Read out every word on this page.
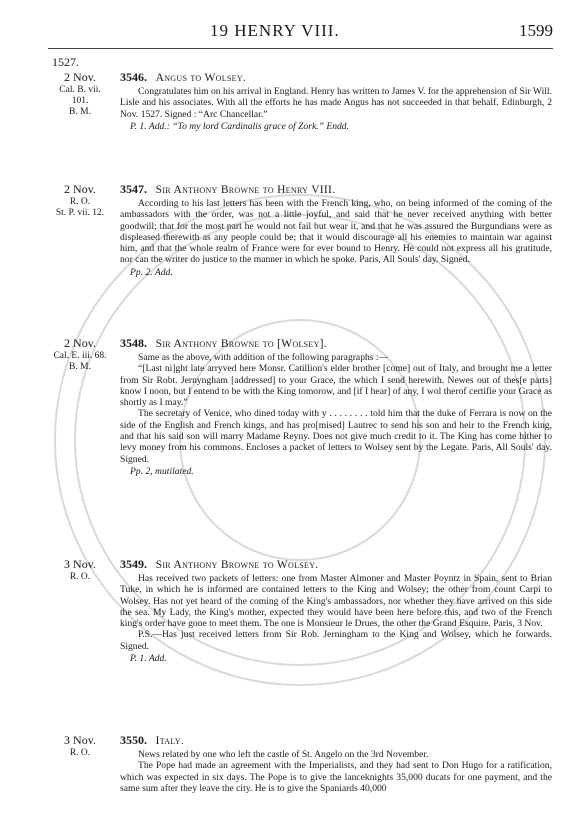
19 HENRY VIII.	1599
1527.
2 Nov.
Cal. B. vii.
101.
B. M.
3546. Angus to Wolsey.

Congratulates him on his arrival in England. Henry has written to James V. for the apprehension of Sir Will. Lisle and his associates. With all the efforts he has made Angus has not succeeded in that behalf. Edinburgh, 2 Nov. 1527. Signed : “Arc Chancellar.”

P. 1. Add.: “To my lord Cardinalis grace of Zork.” Endd.
2 Nov.
R. O.
St. P. vii. 12.
3547. Sir Anthony Browne to Henry VIII.

According to his last letters has been with the French king, who, on being informed of the coming of the ambassadors with the order, was not a little joyful, and said that he never received anything with better goodwill; that for the most part he would not fail but wear it, and that he was assured the Burgundians were as displeased therewith as any people could be; that it would discourage all his enemies to maintain war against him, and that the whole realm of France were for ever bound to Henry. He could not express all his gratitude, nor can the writer do justice to the manner in which he spoke. Paris, All Souls' day. Signed.

Pp. 2. Add.
2 Nov.
Cal. E. iii. 68.
B. M.
3548. Sir Anthony Browne to [Wolsey].

Same as the above, with addition of the following paragraphs :—

“[Last ni]ght late arryved here Monsr. Catillion's elder brother [come] out of Italy, and brought me a letter from Sir Robt. Jernyngham [addressed] to your Grace, the which I send herewith. Newes out of thes[e parts] know I noon, but I entend to be with the King tomorow, and [if I hear] of any, I wol therof certifie your Grace as shortly as I may.”

The secretary of Venice, who dined today with y . . . . . . . . told him that the duke of Ferrara is now on the side of the English and French kings, and has pro[mised] Lautrec to send his son and heir to the French king, and that his said son will marry Madame Reyny. Does not give much credit to it. The King has come hither to levy money from his commons. Encloses a packet of letters to Wolsey sent by the Legate. Paris, All Souls' day. Signed.

Pp. 2, mutilated.
3 Nov.
R. O.
3549. Sir Anthony Browne to Wolsey.

Has received two packets of letters: one from Master Almoner and Master Poyntz in Spain, sent to Brian Tuke, in which he is informed are contained letters to the King and Wolsey; the other from count Carpi to Wolsey. Has not yet heard of the coming of the King's ambassadors, nor whether they have arrived on this side the sea. My Lady, the King's mother, expected they would have been here before this, and two of the French king's order have gone to meet them. The one is Monsieur le Drues, the other the Grand Esquire. Paris, 3 Nov.

P.S.—Has just received letters from Sir Rob. Jerningham to the King and Wolsey, which he forwards. Signed.

P. 1. Add.
3 Nov.
R. O.
3550. Italy.

News related by one who left the castle of St. Angelo on the 3rd November.

The Pope had made an agreement with the Imperialists, and they had sent to Don Hugo for a ratification, which was expected in six days. The Pope is to give the lanceknights 35,000 ducats for one payment, and the same sum after they leave the city. He is to give the Spaniards 40,000
